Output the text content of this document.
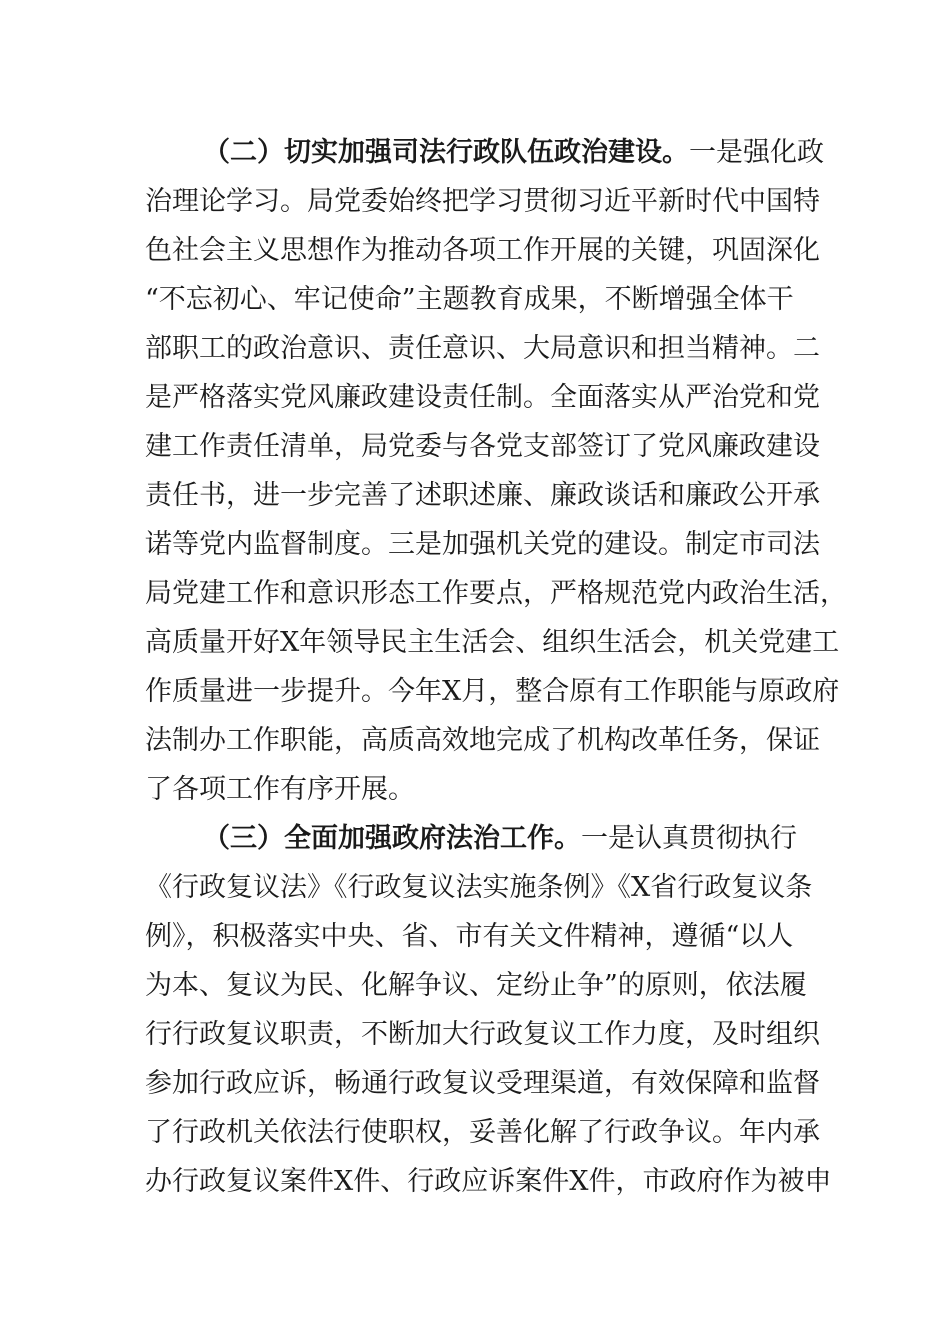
（二）切实加强司法行政队伍政治建设。一是强化政
治理论学习。局党委始终把学习贯彻习近平新时代中国特
色社会主义思想作为推动各项工作开展的关键，巩固深化
“不忘初心、牢记使命”主题教育成果，不断增强全体干
部职工的政治意识、责任意识、大局意识和担当精神。二
是严格落实党风廉政建设责任制。全面落实从严治党和党
建工作责任清单，局党委与各党支部签订了党风廉政建设
责任书，进一步完善了述职述廉、廉政谈话和廉政公开承
诺等党内监督制度。三是加强机关党的建设。制定市司法
局党建工作和意识形态工作要点，严格规范党内政治生活，
高质量开好X年领导民主生活会、组织生活会，机关党建工
作质量进一步提升。今年X月，整合原有工作职能与原政府
法制办工作职能，高质高效地完成了机构改革任务，保证
了各项工作有序开展。
（三）全面加强政府法治工作。一是认真贯彻执行
《行政复议法》《行政复议法实施条例》《X省行政复议条
例》，积极落实中央、省、市有关文件精神，遵循“以人
为本、复议为民、化解争议、定纷止争”的原则，依法履
行行政复议职责，不断加大行政复议工作力度，及时组织
参加行政应诉，畅通行政复议受理渠道，有效保障和监督
了行政机关依法行使职权，妥善化解了行政争议。年内承
办行政复议案件X件、行政应诉案件X件，市政府作为被申
